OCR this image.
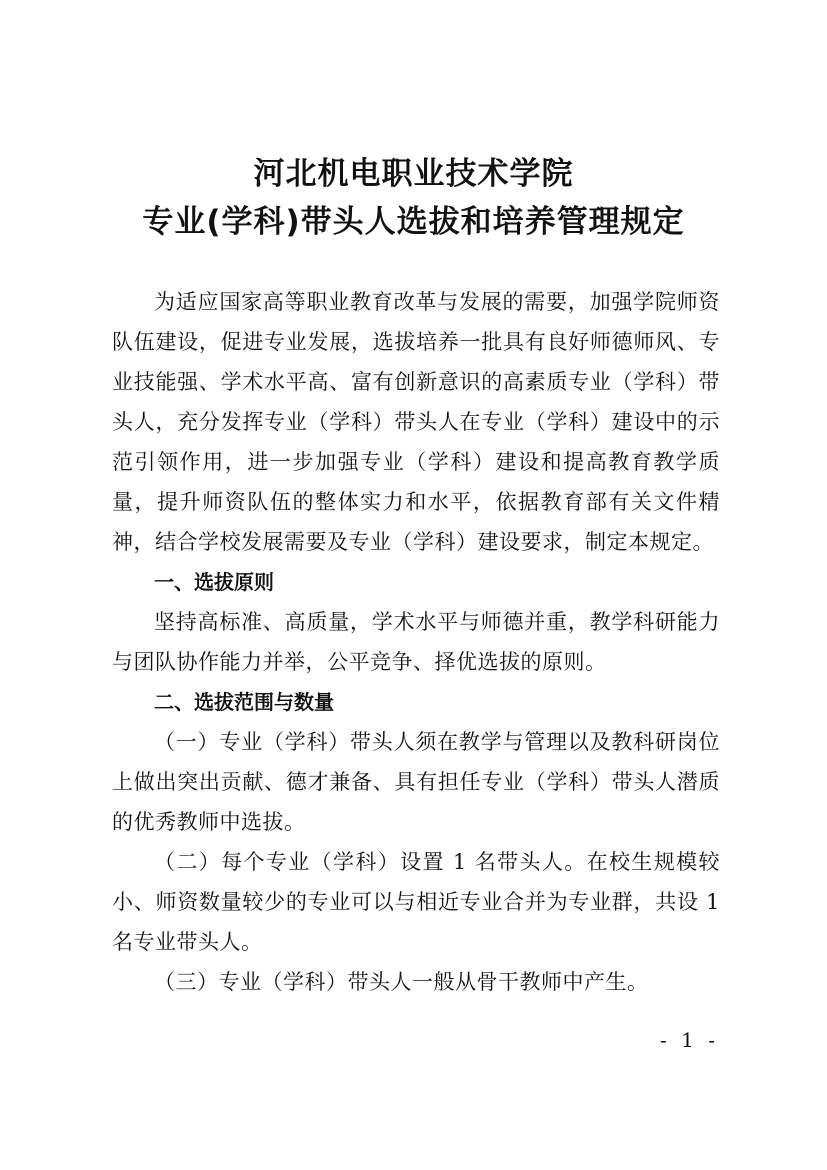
河北机电职业技术学院
专业(学科)带头人选拔和培养管理规定

为适应国家高等职业教育改革与发展的需要，加强学院师资队伍建设，促进专业发展，选拔培养一批具有良好师德师风、专业技能强、学术水平高、富有创新意识的高素质专业（学科）带头人，充分发挥专业（学科）带头人在专业（学科）建设中的示范引领作用，进一步加强专业（学科）建设和提高教育教学质量，提升师资队伍的整体实力和水平，依据教育部有关文件精神，结合学校发展需要及专业（学科）建设要求，制定本规定。

一、选拔原则

坚持高标准、高质量，学术水平与师德并重，教学科研能力与团队协作能力并举，公平竞争、择优选拔的原则。

二、选拔范围与数量

（一）专业（学科）带头人须在教学与管理以及教科研岗位上做出突出贡献、德才兼备、具有担任专业（学科）带头人潜质的优秀教师中选拔。

（二）每个专业（学科）设置 1 名带头人。在校生规模较小、师资数量较少的专业可以与相近专业合并为专业群，共设 1 名专业带头人。

（三）专业（学科）带头人一般从骨干教师中产生。

- 1 -
